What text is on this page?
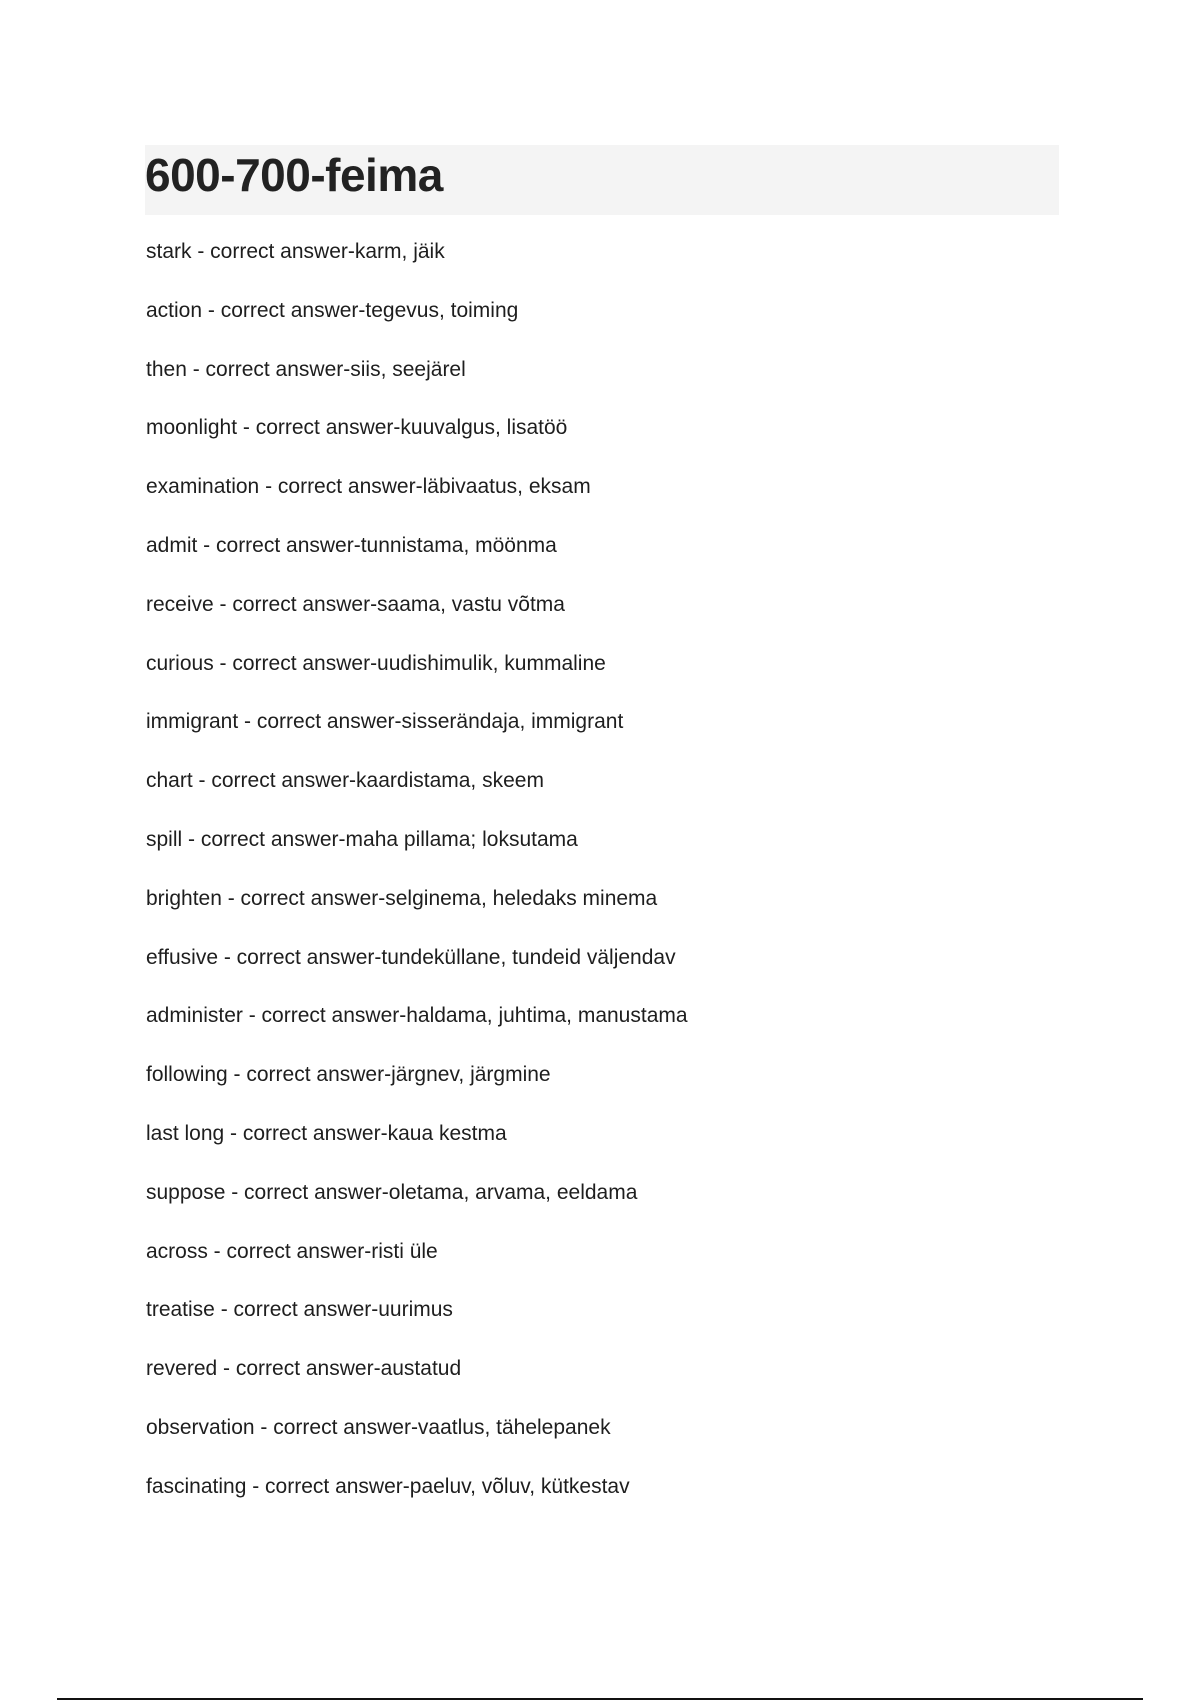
600-700-feima
stark - correct answer-karm, jäik
action - correct answer-tegevus, toiming
then - correct answer-siis, seejärel
moonlight - correct answer-kuuvalgus, lisatöö
examination - correct answer-läbivaatus, eksam
admit - correct answer-tunnistama, möönma
receive - correct answer-saama, vastu võtma
curious - correct answer-uudishimulik, kummaline
immigrant - correct answer-sisserändaja, immigrant
chart - correct answer-kaardistama, skeem
spill - correct answer-maha pillama; loksutama
brighten - correct answer-selginema, heledaks minema
effusive - correct answer-tundeküllane, tundeid väljendav
administer - correct answer-haldama, juhtima, manustama
following - correct answer-järgnev, järgmine
last long - correct answer-kaua kestma
suppose - correct answer-oletama, arvama, eeldama
across - correct answer-risti üle
treatise - correct answer-uurimus
revered - correct answer-austatud
observation - correct answer-vaatlus, tähelepanek
fascinating - correct answer-paeluv, võluv, kütkestav
